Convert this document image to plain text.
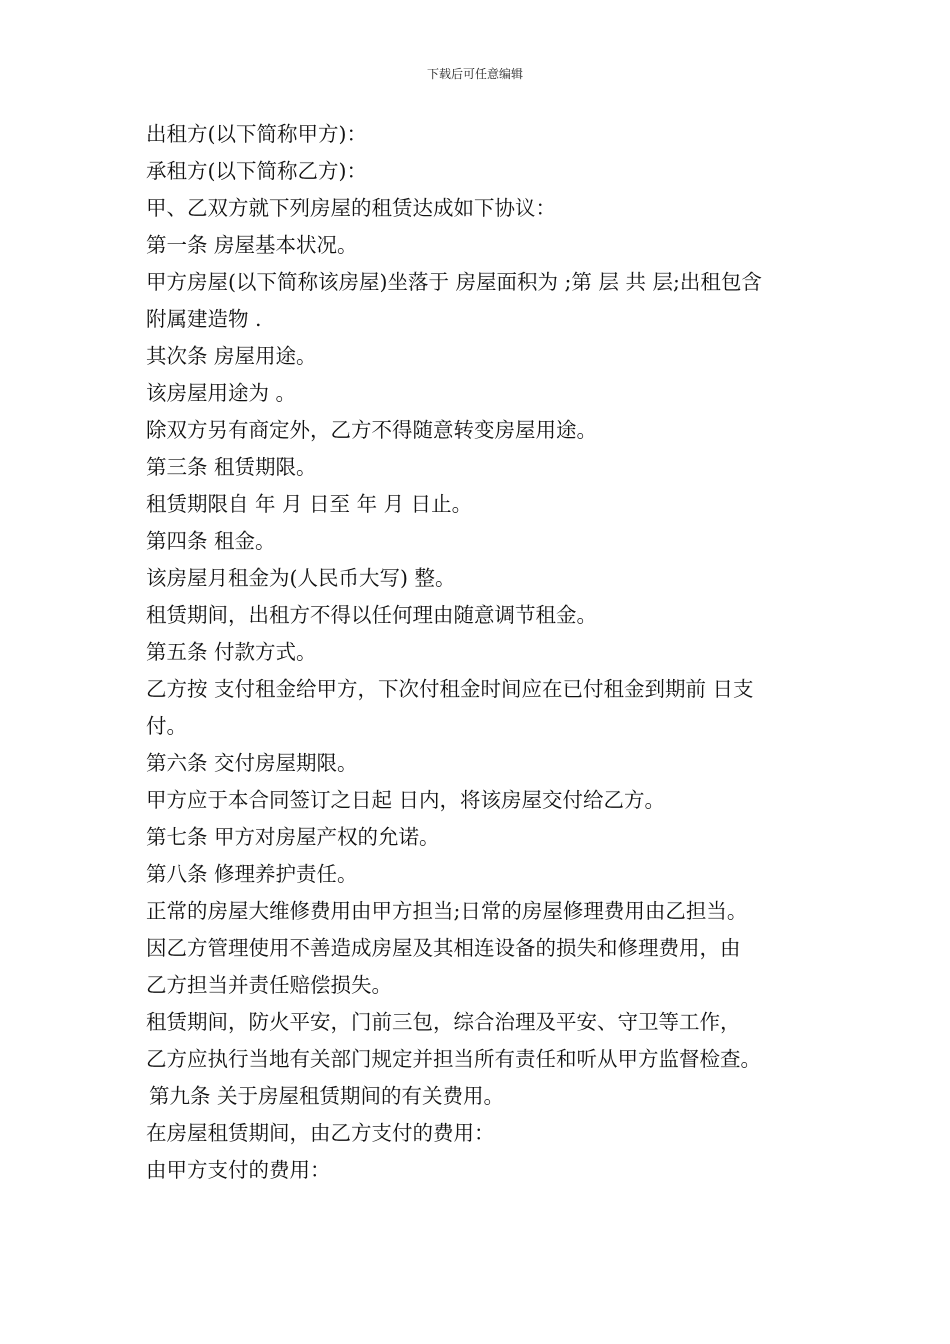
下载后可任意编辑
出租方(以下简称甲方)：
承租方(以下简称乙方)：
甲、乙双方就下列房屋的租赁达成如下协议：
第一条 房屋基本状况。
甲方房屋(以下简称该房屋)坐落于 房屋面积为 ;第 层 共 层;出租包含
附属建造物 .
其次条 房屋用途。
该房屋用途为 。
除双方另有商定外，乙方不得随意转变房屋用途。
第三条 租赁期限。
租赁期限自 年 月 日至 年 月 日止。
第四条 租金。
该房屋月租金为(人民币大写) 整。
租赁期间，出租方不得以任何理由随意调节租金。
第五条 付款方式。
乙方按 支付租金给甲方，下次付租金时间应在已付租金到期前 日支
付。
第六条 交付房屋期限。
甲方应于本合同签订之日起 日内，将该房屋交付给乙方。
第七条 甲方对房屋产权的允诺。
第八条 修理养护责任。
正常的房屋大维修费用由甲方担当;日常的房屋修理费用由乙担当。
因乙方管理使用不善造成房屋及其相连设备的损失和修理费用，由
乙方担当并责任赔偿损失。
租赁期间，防火平安，门前三包，综合治理及平安、守卫等工作，
乙方应执行当地有关部门规定并担当所有责任和听从甲方监督检查。
第九条 关于房屋租赁期间的有关费用。
在房屋租赁期间，由乙方支付的费用：
由甲方支付的费用：
